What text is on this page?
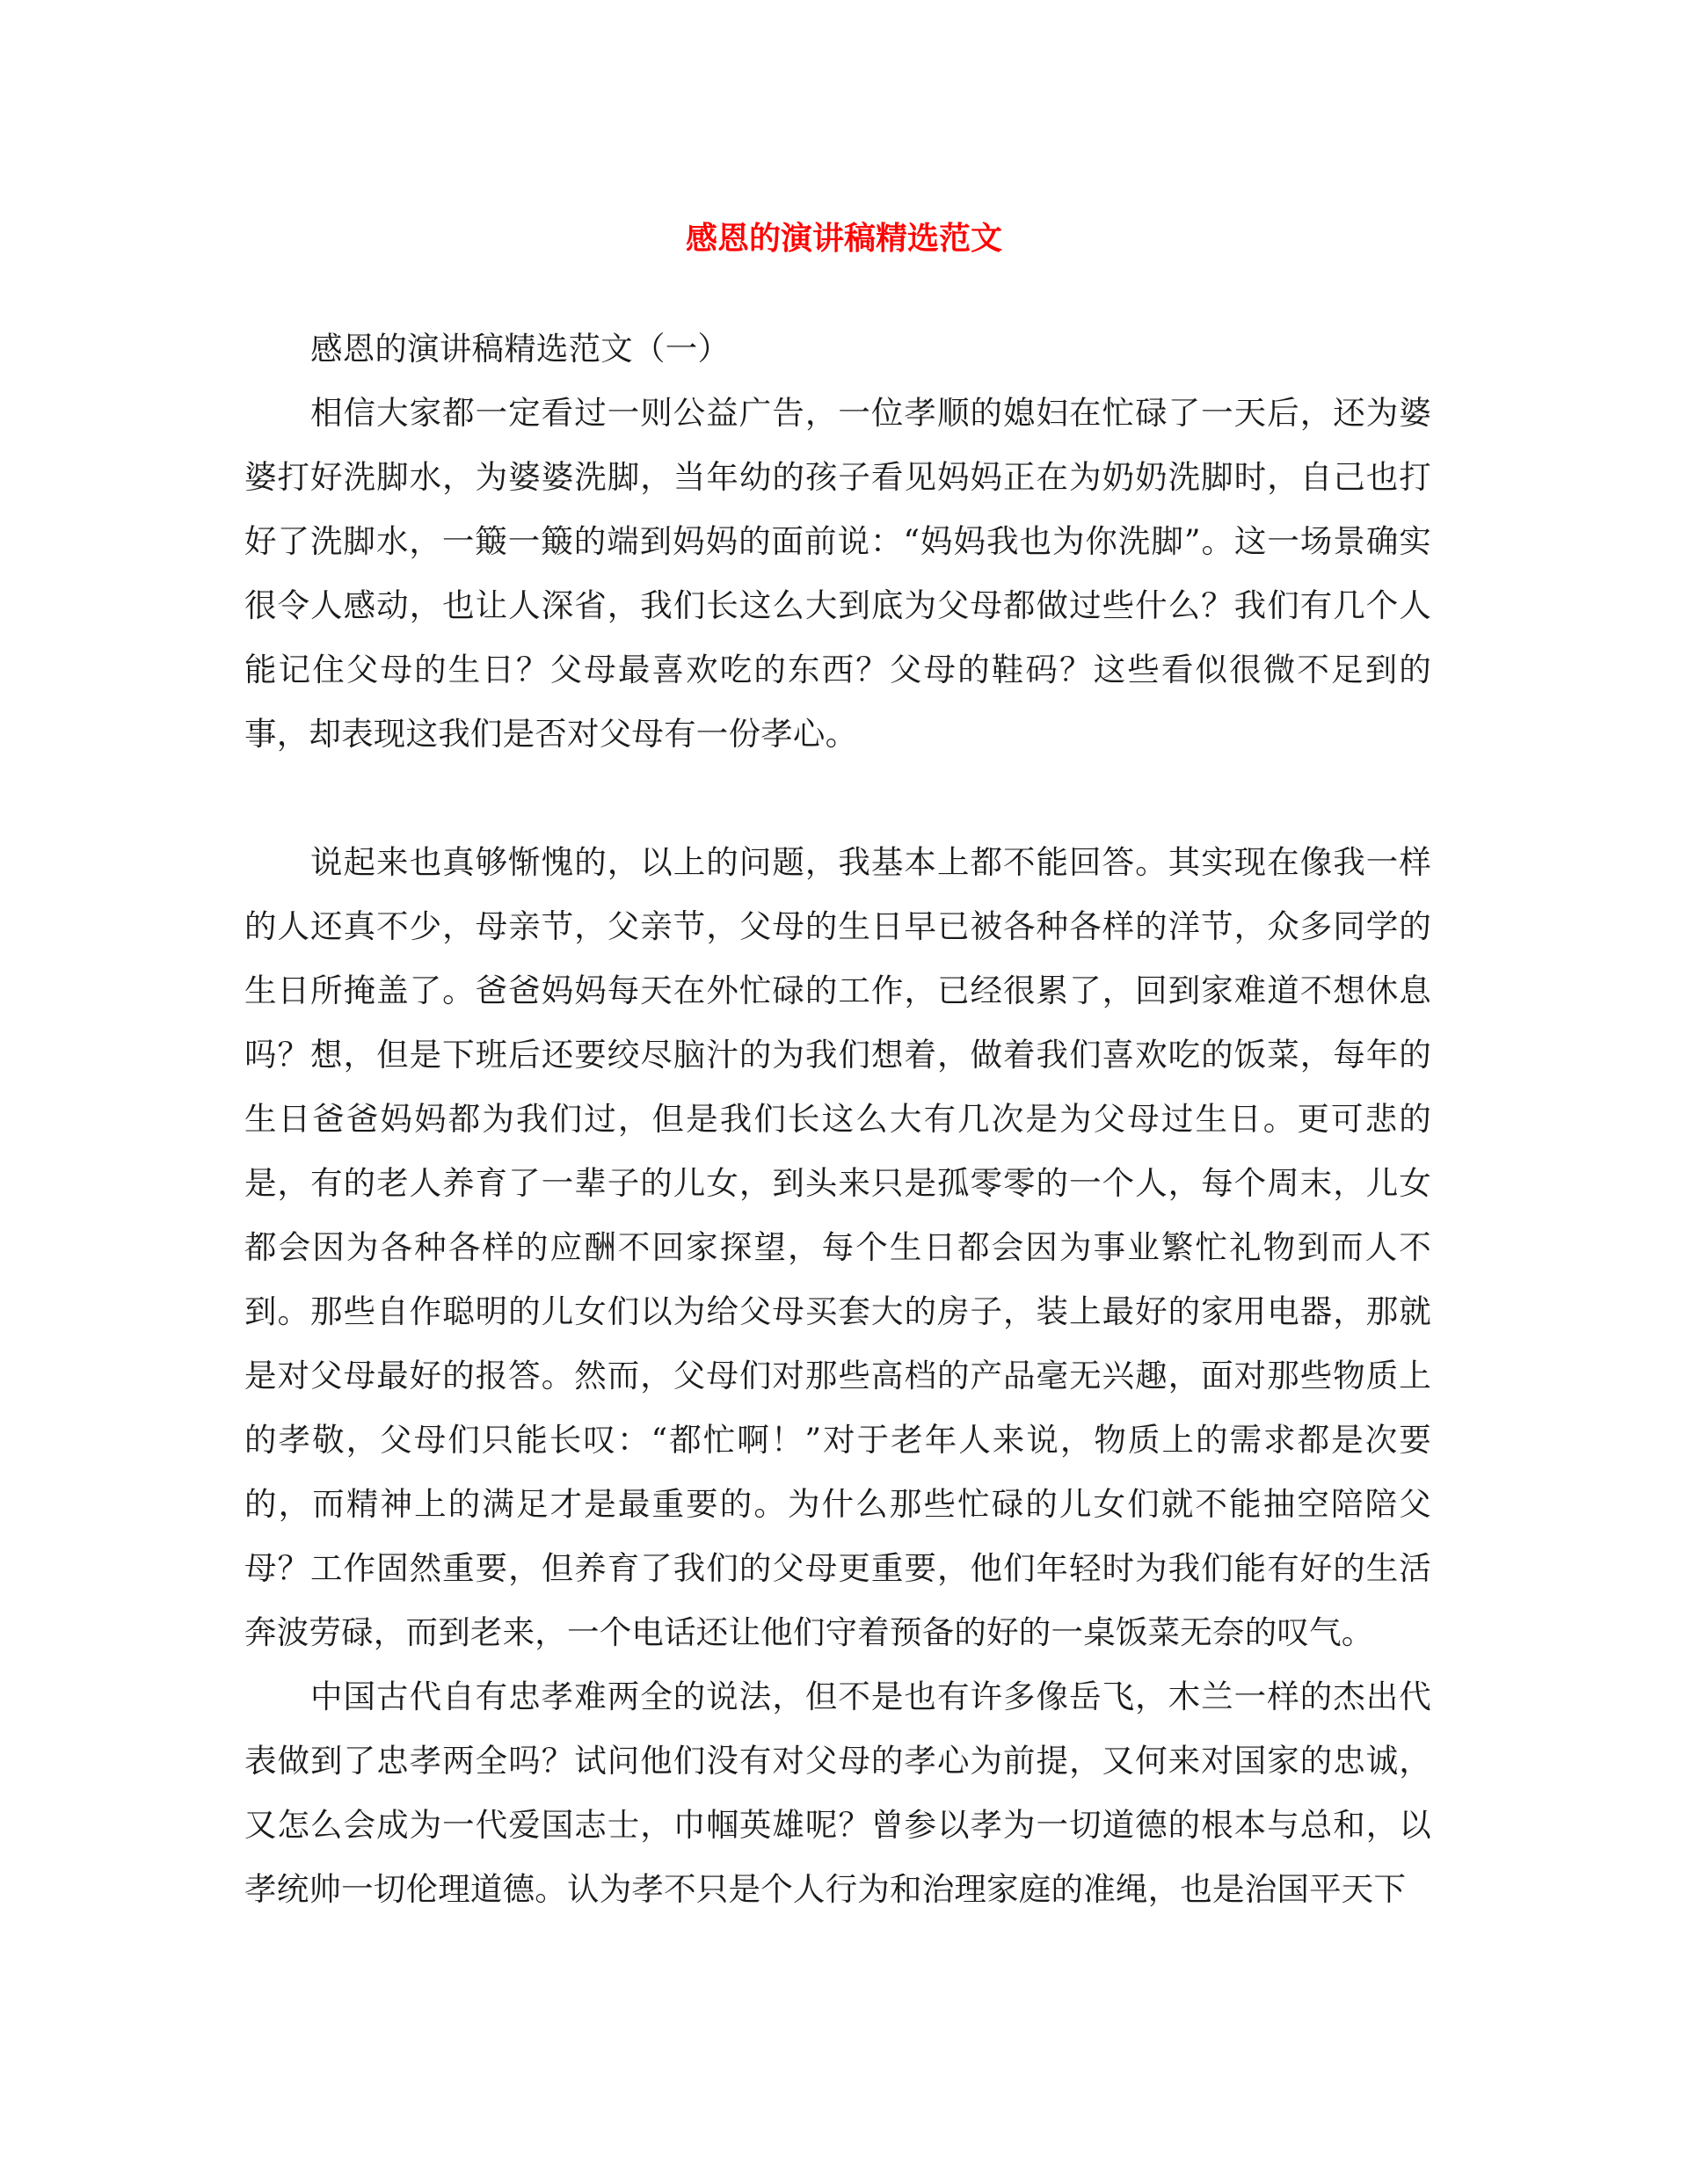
感恩的演讲稿精选范文

感恩的演讲稿精选范文（一）

相信大家都一定看过一则公益广告，一位孝顺的媳妇在忙碌了一天后，还为婆婆打好洗脚水，为婆婆洗脚，当年幼的孩子看见妈妈正在为奶奶洗脚时，自己也打好了洗脚水，一簸一簸的端到妈妈的面前说：“妈妈我也为你洗脚”。这一场景确实很令人感动，也让人深省，我们长这么大到底为父母都做过些什么？我们有几个人能记住父母的生日？父母最喜欢吃的东西？父母的鞋码？这些看似很微不足到的事，却表现这我们是否对父母有一份孝心。

说起来也真够惭愧的，以上的问题，我基本上都不能回答。其实现在像我一样的人还真不少，母亲节，父亲节，父母的生日早已被各种各样的洋节，众多同学的生日所掩盖了。爸爸妈妈每天在外忙碌的工作，已经很累了，回到家难道不想休息吗？想，但是下班后还要绞尽脑汁的为我们想着，做着我们喜欢吃的饭菜，每年的生日爸爸妈妈都为我们过，但是我们长这么大有几次是为父母过生日。更可悲的是，有的老人养育了一辈子的儿女，到头来只是孤零零的一个人，每个周末，儿女都会因为各种各样的应酬不回家探望，每个生日都会因为事业繁忙礼物到而人不到。那些自作聪明的儿女们以为给父母买套大的房子，装上最好的家用电器，那就是对父母最好的报答。然而，父母们对那些高档的产品毫无兴趣，面对那些物质上的孝敬，父母们只能长叹：“都忙啊！”对于老年人来说，物质上的需求都是次要的，而精神上的满足才是最重要的。为什么那些忙碌的儿女们就不能抽空陪陪父母？工作固然重要，但养育了我们的父母更重要，他们年轻时为我们能有好的生活奔波劳碌，而到老来，一个电话还让他们守着预备的好的一桌饭菜无奈的叹气。

中国古代自有忠孝难两全的说法，但不是也有许多像岳飞，木兰一样的杰出代表做到了忠孝两全吗？试问他们没有对父母的孝心为前提，又何来对国家的忠诚，又怎么会成为一代爱国志士，巾帼英雄呢？曾参以孝为一切道德的根本与总和，以孝统帅一切伦理道德。认为孝不只是个人行为和治理家庭的准绳，也是治国平天下
